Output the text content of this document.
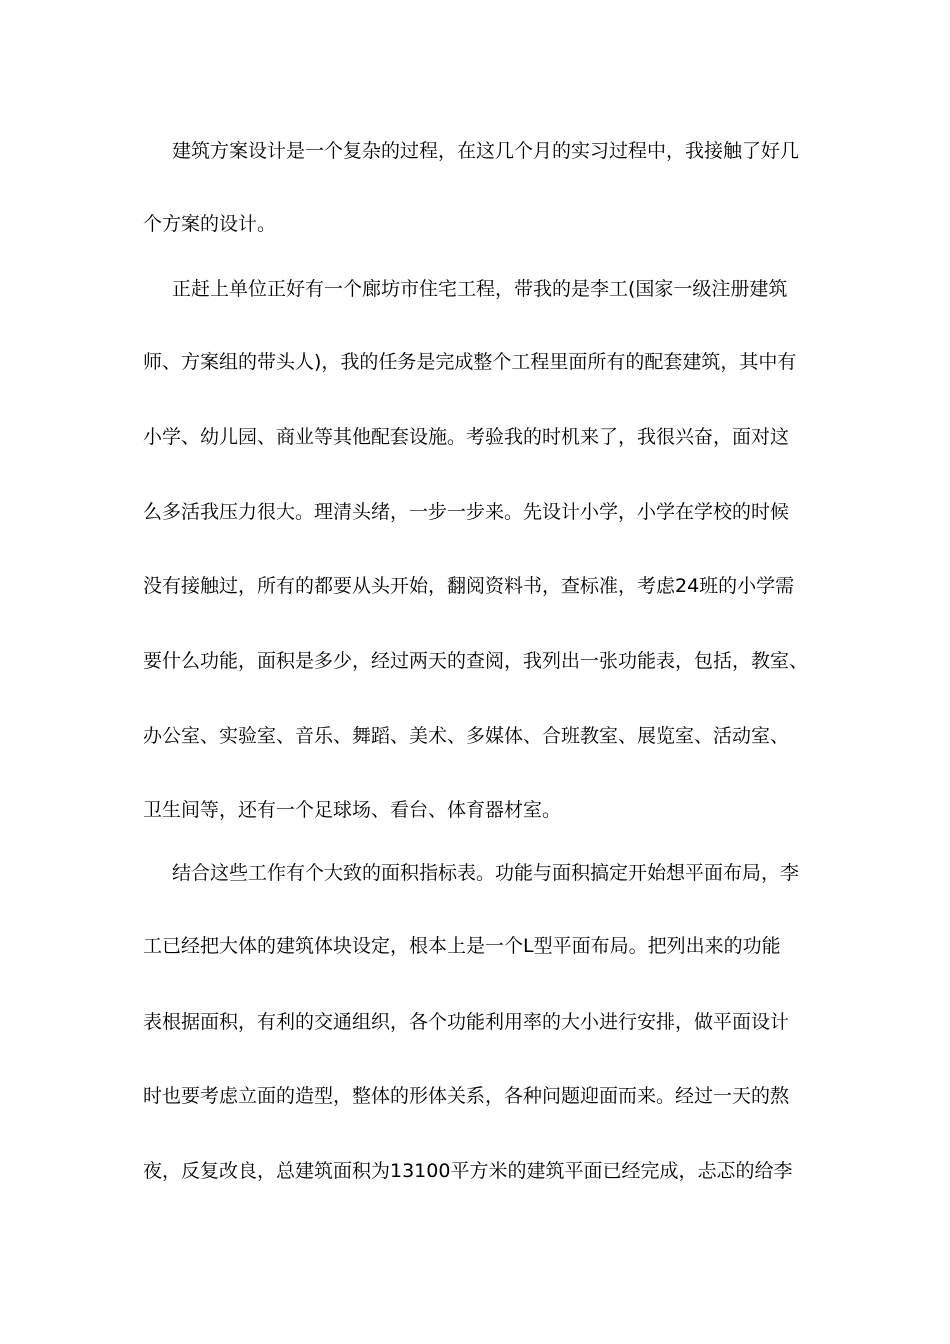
建筑方案设计是一个复杂的过程，在这几个月的实习过程中，我接触了好几
个方案的设计。
正赶上单位正好有一个廊坊市住宅工程，带我的是李工(国家一级注册建筑
师、方案组的带头人)，我的任务是完成整个工程里面所有的配套建筑，其中有
小学、幼儿园、商业等其他配套设施。考验我的时机来了，我很兴奋，面对这
么多活我压力很大。理清头绪，一步一步来。先设计小学，小学在学校的时候
没有接触过，所有的都要从头开始，翻阅资料书，查标准，考虑24班的小学需
要什么功能，面积是多少，经过两天的查阅，我列出一张功能表，包括，教室、
办公室、实验室、音乐、舞蹈、美术、多媒体、合班教室、展览室、活动室、
卫生间等，还有一个足球场、看台、体育器材室。
结合这些工作有个大致的面积指标表。功能与面积搞定开始想平面布局，李
工已经把大体的建筑体块设定，根本上是一个L型平面布局。把列出来的功能
表根据面积，有利的交通组织，各个功能利用率的大小进行安排，做平面设计
时也要考虑立面的造型，整体的形体关系，各种问题迎面而来。经过一天的熬
夜，反复改良，总建筑面积为13100平方米的建筑平面已经完成，忐忑的给李
